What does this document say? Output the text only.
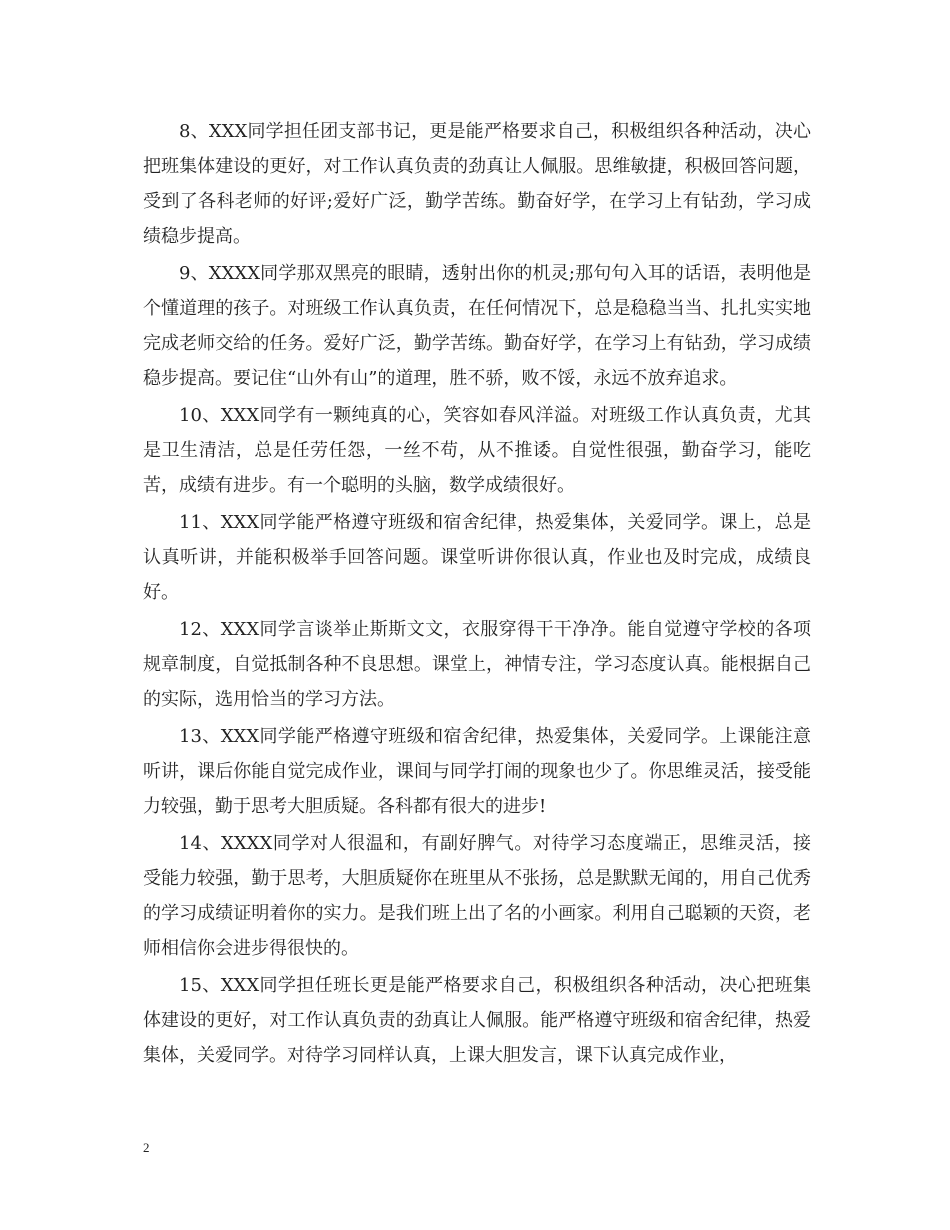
8、XXX同学担任团支部书记，更是能严格要求自己，积极组织各种活动，决心把班集体建设的更好，对工作认真负责的劲真让人佩服。思维敏捷，积极回答问题，受到了各科老师的好评;爱好广泛，勤学苦练。勤奋好学，在学习上有钻劲，学习成绩稳步提高。

9、XXXX同学那双黑亮的眼睛，透射出你的机灵;那句句入耳的话语，表明他是个懂道理的孩子。对班级工作认真负责，在任何情况下，总是稳稳当当、扎扎实实地完成老师交给的任务。爱好广泛，勤学苦练。勤奋好学，在学习上有钻劲，学习成绩稳步提高。要记住“山外有山”的道理，胜不骄，败不馁，永远不放弃追求。

10、XXX同学有一颗纯真的心，笑容如春风洋溢。对班级工作认真负责，尤其是卫生清洁，总是任劳任怨，一丝不苟，从不推诿。自觉性很强，勤奋学习，能吃苦，成绩有进步。有一个聪明的头脑，数学成绩很好。

11、XXX同学能严格遵守班级和宿舍纪律，热爱集体，关爱同学。课上，总是认真听讲，并能积极举手回答问题。课堂听讲你很认真，作业也及时完成，成绩良好。

12、XXX同学言谈举止斯斯文文，衣服穿得干干净净。能自觉遵守学校的各项规章制度，自觉抵制各种不良思想。课堂上，神情专注，学习态度认真。能根据自己的实际，选用恰当的学习方法。

13、XXX同学能严格遵守班级和宿舍纪律，热爱集体，关爱同学。上课能注意听讲，课后你能自觉完成作业，课间与同学打闹的现象也少了。你思维灵活，接受能力较强，勤于思考大胆质疑。各科都有很大的进步!

14、XXXX同学对人很温和，有副好脾气。对待学习态度端正，思维灵活，接受能力较强，勤于思考，大胆质疑你在班里从不张扬，总是默默无闻的，用自己优秀的学习成绩证明着你的实力。是我们班上出了名的小画家。利用自己聪颖的天资，老师相信你会进步得很快的。

15、XXX同学担任班长更是能严格要求自己，积极组织各种活动，决心把班集体建设的更好，对工作认真负责的劲真让人佩服。能严格遵守班级和宿舍纪律，热爱集体，关爱同学。对待学习同样认真，上课大胆发言，课下认真完成作业，

2
